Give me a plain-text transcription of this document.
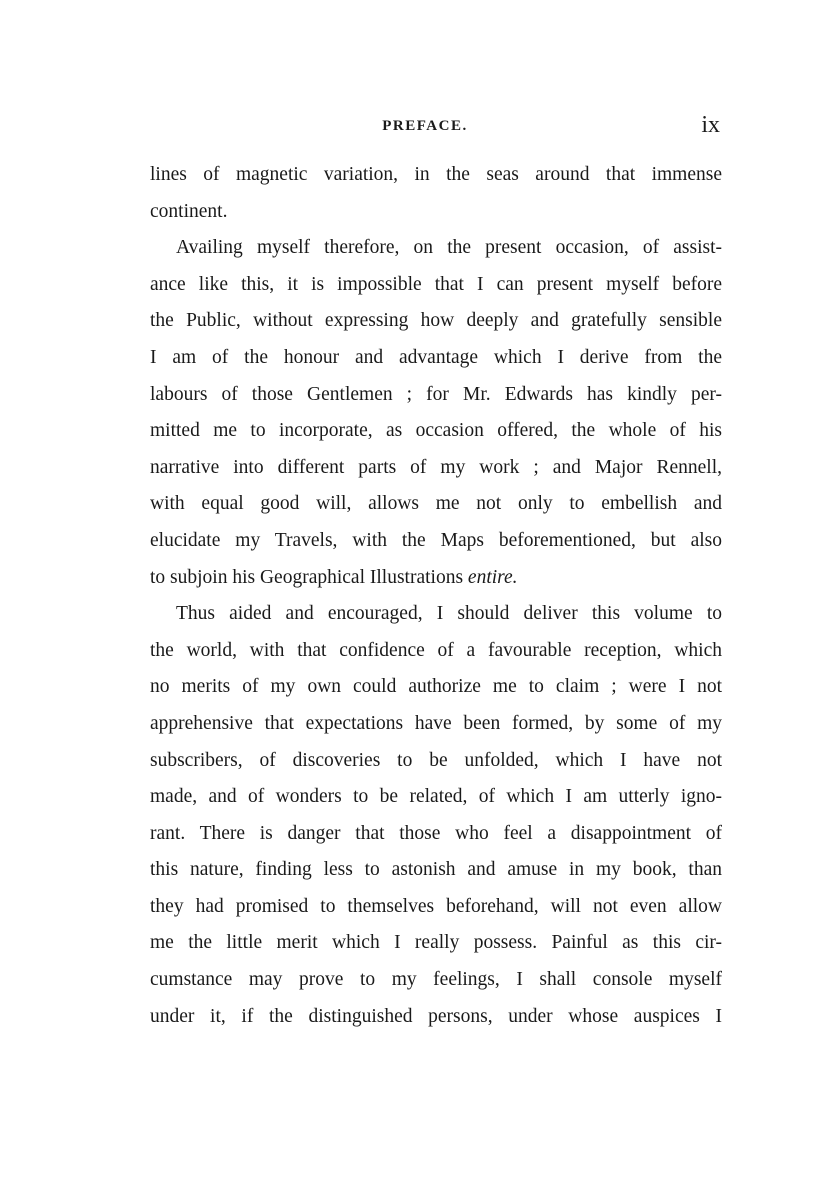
PREFACE.	ix
lines of magnetic variation, in the seas around that immense
continent.
Availing myself therefore, on the present occasion, of assist-
ance like this, it is impossible that I can present myself before
the Public, without expressing how deeply and gratefully sensible
I am of the honour and advantage which I derive from the
labours of those Gentlemen ; for Mr. Edwards has kindly per-
mitted me to incorporate, as occasion offered, the whole of his
narrative into different parts of my work ; and Major Rennell,
with equal good will, allows me not only to embellish and
elucidate my Travels, with the Maps beforementioned, but also
to subjoin his Geographical Illustrations entire.
Thus aided and encouraged, I should deliver this volume to
the world, with that confidence of a favourable reception, which
no merits of my own could authorize me to claim ; were I not
apprehensive that expectations have been formed, by some of my
subscribers, of discoveries to be unfolded, which I have not
made, and of wonders to be related, of which I am utterly igno-
rant. There is danger that those who feel a disappointment of
this nature, finding less to astonish and amuse in my book, than
they had promised to themselves beforehand, will not even allow
me the little merit which I really possess. Painful as this cir-
cumstance may prove to my feelings, I shall console myself
under it, if the distinguished persons, under whose auspices I
